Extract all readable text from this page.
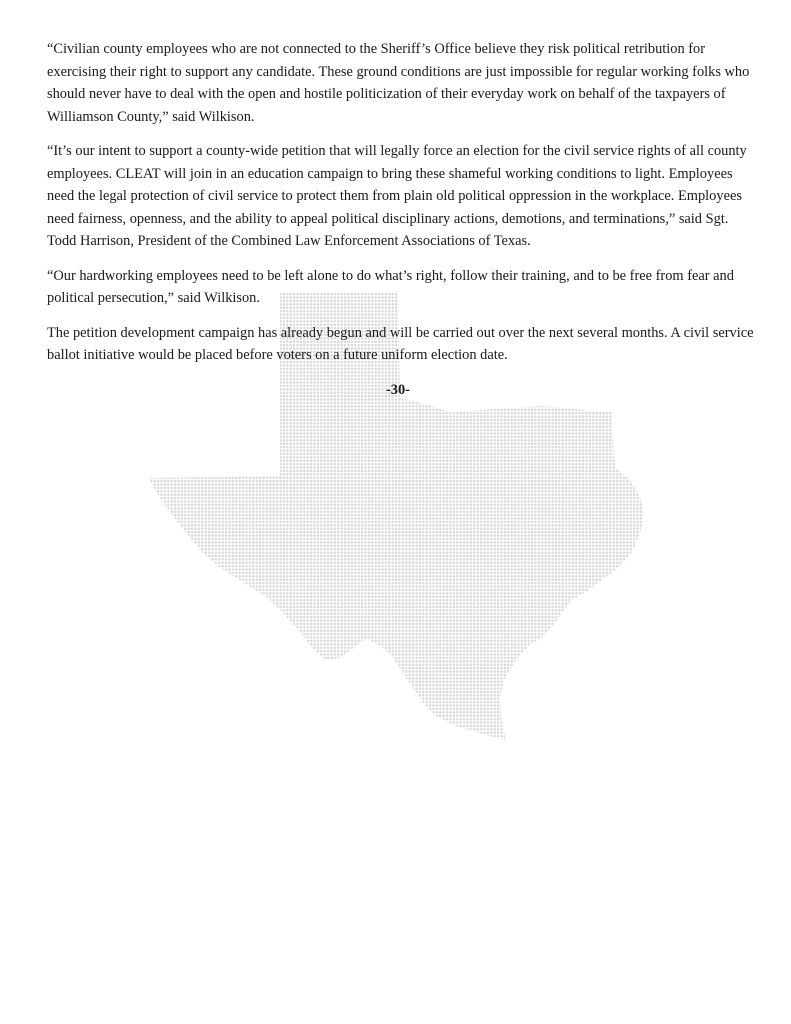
“Civilian county employees who are not connected to the Sheriff’s Office believe they risk political retribution for exercising their right to support any candidate. These ground conditions are just impossible for regular working folks who should never have to deal with the open and hostile politicization of their everyday work on behalf of the taxpayers of Williamson County,” said Wilkison.

“It’s our intent to support a county-wide petition that will legally force an election for the civil service rights of all county employees. CLEAT will join in an education campaign to bring these shameful working conditions to light. Employees need the legal protection of civil service to protect them from plain old political oppression in the workplace. Employees need fairness, openness, and the ability to appeal political disciplinary actions, demotions, and terminations,” said Sgt. Todd Harrison, President of the Combined Law Enforcement Associations of Texas.

“Our hardworking employees need to be left alone to do what’s right, follow their training, and to be free from fear and political persecution,” said Wilkison.

The petition development campaign has already begun and will be carried out over the next several months. A civil service ballot initiative would be placed before voters on a future uniform election date.

-30-
